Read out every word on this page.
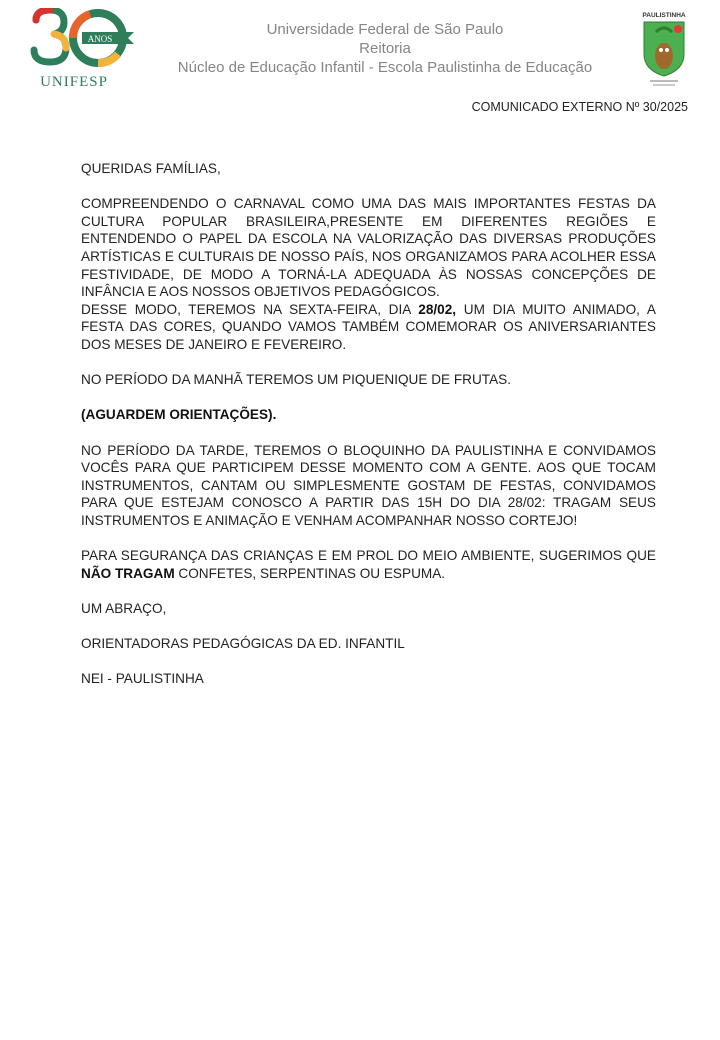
ANOS
UNIFESP
Universidade Federal de São Paulo
Reitoria
Núcleo de Educação Infantil - Escola Paulistinha de Educação
PAULISTINHA
COMUNICADO EXTERNO Nº 30/2025

QUERIDAS FAMÍLIAS,

COMPREENDENDO O CARNAVAL COMO UMA DAS MAIS IMPORTANTES FESTAS DA CULTURA POPULAR BRASILEIRA,PRESENTE EM DIFERENTES REGIÕES E ENTENDENDO O PAPEL DA ESCOLA NA VALORIZAÇÃO DAS DIVERSAS PRODUÇÕES ARTÍSTICAS E CULTURAIS DE NOSSO PAÍS, NOS ORGANIZAMOS PARA ACOLHER ESSA FESTIVIDADE, DE MODO A TORNÁ-LA ADEQUADA ÀS NOSSAS CONCEPÇÕES DE INFÂNCIA E AOS NOSSOS OBJETIVOS PEDAGÓGICOS.

DESSE MODO, TEREMOS NA SEXTA-FEIRA, DIA 28/02, UM DIA MUITO ANIMADO, A FESTA DAS CORES, QUANDO VAMOS TAMBÉM COMEMORAR OS ANIVERSARIANTES DOS MESES DE JANEIRO E FEVEREIRO.

NO PERÍODO DA MANHÃ TEREMOS UM PIQUENIQUE DE FRUTAS.

(AGUARDEM ORIENTAÇÕES).

NO PERÍODO DA TARDE, TEREMOS O BLOQUINHO DA PAULISTINHA E CONVIDAMOS VOCÊS PARA QUE PARTICIPEM DESSE MOMENTO COM A GENTE. AOS QUE TOCAM INSTRUMENTOS, CANTAM OU SIMPLESMENTE GOSTAM DE FESTAS, CONVIDAMOS PARA QUE ESTEJAM CONOSCO A PARTIR DAS 15H DO DIA 28/02: TRAGAM SEUS INSTRUMENTOS E ANIMAÇÃO E VENHAM ACOMPANHAR NOSSO CORTEJO!

PARA SEGURANÇA DAS CRIANÇAS E EM PROL DO MEIO AMBIENTE, SUGERIMOS QUE NÃO TRAGAM CONFETES, SERPENTINAS OU ESPUMA.

UM ABRAÇO,

ORIENTADORAS PEDAGÓGICAS DA ED. INFANTIL

NEI - PAULISTINHA
